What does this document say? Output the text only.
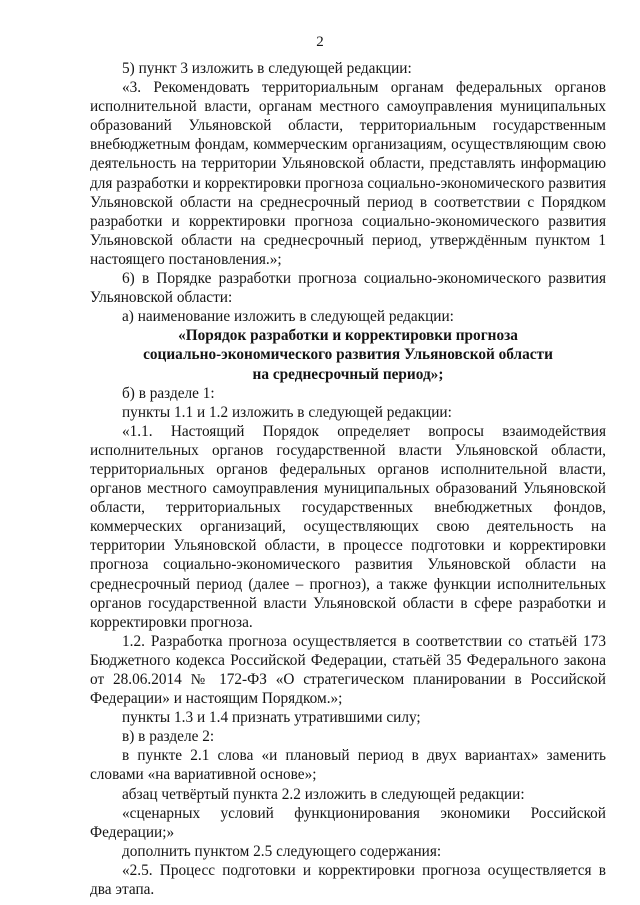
2

5) пункт 3 изложить в следующей редакции:

«3. Рекомендовать территориальным органам федеральных органов исполнительной власти, органам местного самоуправления муниципальных образований Ульяновской области, территориальным государственным внебюджетным фондам, коммерческим организациям, осуществляющим свою деятельность на территории Ульяновской области, представлять информацию для разработки и корректировки прогноза социально-экономического развития Ульяновской области на среднесрочный период в соответствии с Порядком разработки и корректировки прогноза социально-экономического развития Ульяновской области на среднесрочный период, утверждённым пунктом 1 настоящего постановления.»;

6) в Порядке разработки прогноза социально-экономического развития Ульяновской области:

а) наименование изложить в следующей редакции:

«Порядок разработки и корректировки прогноза

социально-экономического развития Ульяновской области

на среднесрочный период»;

б) в разделе 1:

пункты 1.1 и 1.2 изложить в следующей редакции:

«1.1. Настоящий Порядок определяет вопросы взаимодействия исполнительных органов государственной власти Ульяновской области, территориальных органов федеральных органов исполнительной власти, органов местного самоуправления муниципальных образований Ульяновской области, территориальных государственных внебюджетных фондов, коммерческих организаций, осуществляющих свою деятельность на территории Ульяновской области, в процессе подготовки и корректировки прогноза социально-экономического развития Ульяновской области на среднесрочный период (далее – прогноз), а также функции исполнительных органов государственной власти Ульяновской области в сфере разработки и корректировки прогноза.

1.2. Разработка прогноза осуществляется в соответствии со статьёй 173 Бюджетного кодекса Российской Федерации, статьёй 35 Федерального закона от 28.06.2014 № 172-ФЗ «О стратегическом планировании в Российской Федерации» и настоящим Порядком.»;

пункты 1.3 и 1.4 признать утратившими силу;

в) в разделе 2:

в пункте 2.1 слова «и плановый период в двух вариантах» заменить словами «на вариативной основе»;

абзац четвёртый пункта 2.2 изложить в следующей редакции:

«сценарных условий функционирования экономики Российской Федерации;»

дополнить пунктом 2.5 следующего содержания:

«2.5. Процесс подготовки и корректировки прогноза осуществляется в два этапа.
